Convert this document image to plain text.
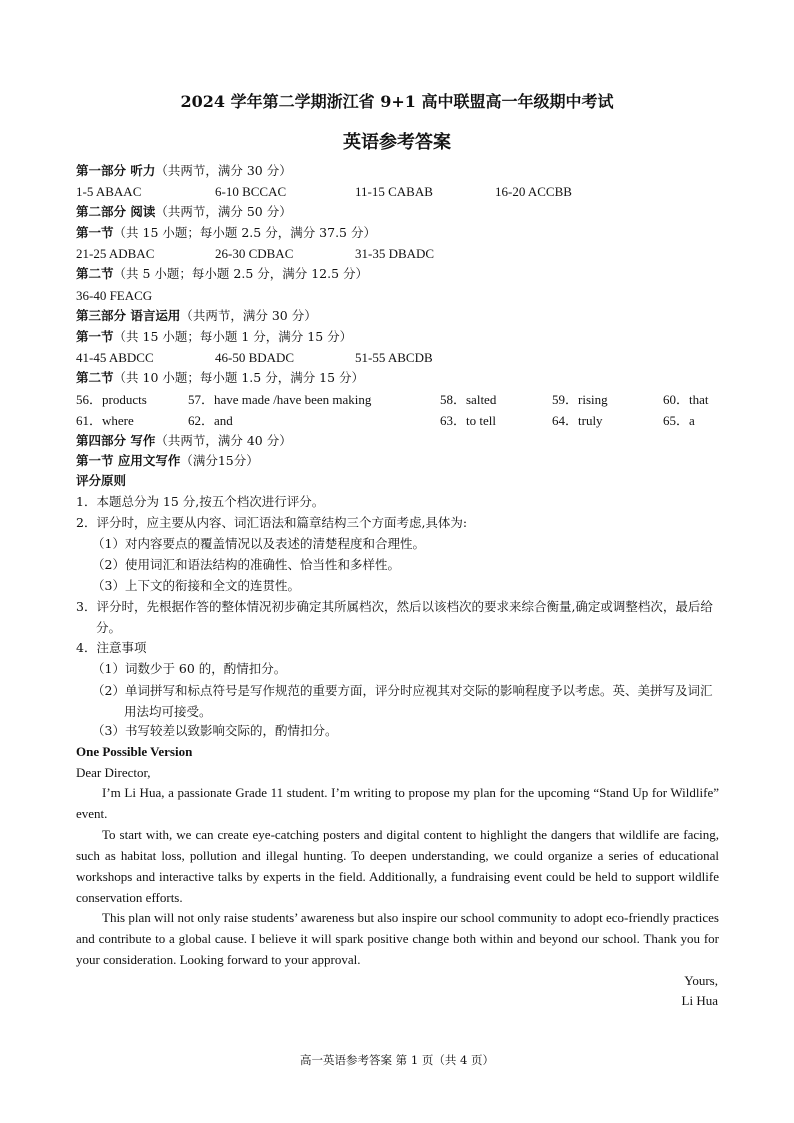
2024 学年第二学期浙江省 9+1 高中联盟高一年级期中考试
英语参考答案
第一部分 听力（共两节，满分 30 分）
1-5 ABAAC	6-10 BCCAC	11-15 CABAB	16-20 ACCBB
第二部分 阅读（共两节，满分 50 分）
第一节（共 15 小题；每小题 2.5 分，满分 37.5 分）
21-25 ADBAC	26-30 CDBAC	31-35 DBADC
第二节（共 5 小题；每小题 2.5 分，满分 12.5 分）
36-40 FEACG
第三部分 语言运用（共两节，满分 30 分）
第一节（共 15 小题；每小题 1 分，满分 15 分）
41-45 ABDCC	46-50 BDADC	51-55 ABCDB
第二节（共 10 小题；每小题 1.5 分，满分 15 分）
56．products	57．have made /have been making	58．salted	59．rising	60．that
61．where	62．and	63．to tell	64．truly	65．a
第四部分 写作（共两节，满分 40 分）
第一节 应用文写作（满分15分）
评分原则
1．本题总分为 15 分,按五个档次进行评分。
2．评分时，应主要从内容、词汇语法和篇章结构三个方面考虑,具体为:
（1）对内容要点的覆盖情况以及表述的清楚程度和合理性。
（2）使用词汇和语法结构的准确性、恰当性和多样性。
（3）上下文的衔接和全文的连贯性。
3．评分时，先根据作答的整体情况初步确定其所属档次，然后以该档次的要求来综合衡量,确定或调整档次，最后给分。
4．注意事项
（1）词数少于 60 的，酌情扣分。
（2）单词拼写和标点符号是写作规范的重要方面，评分时应视其对交际的影响程度予以考虑。英、美拼写及词汇用法均可接受。
（3）书写较差以致影响交际的，酌情扣分。
One Possible Version
Dear Director,
I’m Li Hua, a passionate Grade 11 student. I’m writing to propose my plan for the upcoming “Stand Up for Wildlife” event.
To start with, we can create eye-catching posters and digital content to highlight the dangers that wildlife are facing, such as habitat loss, pollution and illegal hunting. To deepen understanding, we could organize a series of educational workshops and interactive talks by experts in the field. Additionally, a fundraising event could be held to support wildlife conservation efforts.
This plan will not only raise students’ awareness but also inspire our school community to adopt eco-friendly practices and contribute to a global cause. I believe it will spark positive change both within and beyond our school. Thank you for your consideration. Looking forward to your approval.
Yours,
Li Hua
高一英语参考答案 第 1 页（共 4 页）
